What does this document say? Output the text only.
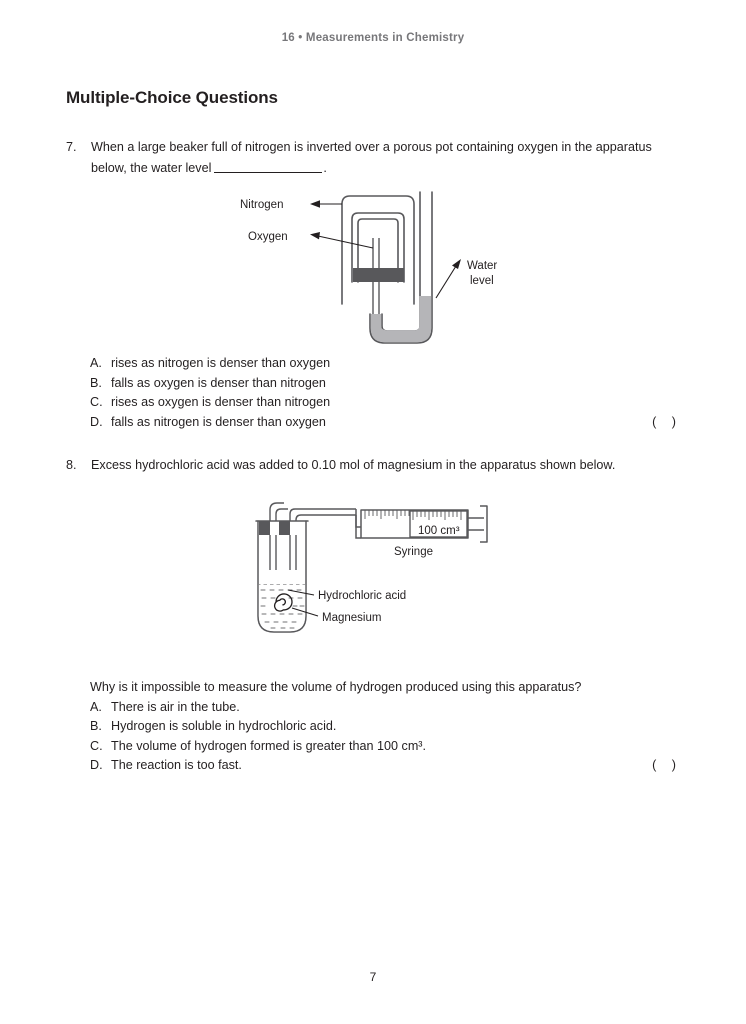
16 • Measurements in Chemistry
Multiple-Choice Questions
7.	When a large beaker full of nitrogen is inverted over a porous pot containing oxygen in the apparatus below, the water level	.
Nitrogen
Oxygen
Water
level
A. rises as nitrogen is denser than oxygen
B. falls as oxygen is denser than nitrogen
C. rises as oxygen is denser than nitrogen
D. falls as nitrogen is denser than oxygen	( )
8.	Excess hydrochloric acid was added to 0.10 mol of magnesium in the apparatus shown below.
100 cm³
Syringe
Hydrochloric acid
Magnesium
Why is it impossible to measure the volume of hydrogen produced using this apparatus?
A. There is air in the tube.
B. Hydrogen is soluble in hydrochloric acid.
C. The volume of hydrogen formed is greater than 100 cm³.
D. The reaction is too fast.	( )
7
